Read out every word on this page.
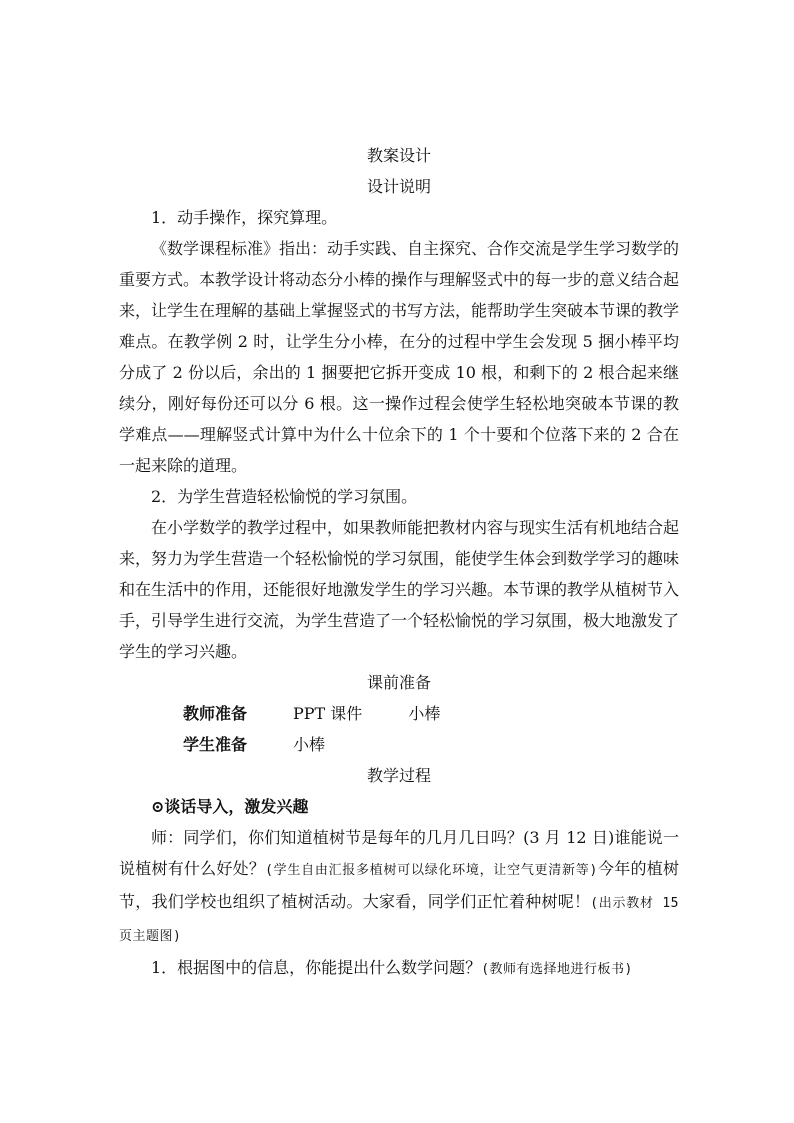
教案设计

设计说明

1．动手操作，探究算理。

《数学课程标准》指出：动手实践、自主探究、合作交流是学生学习数学的重要方式。本教学设计将动态分小棒的操作与理解竖式中的每一步的意义结合起来，让学生在理解的基础上掌握竖式的书写方法，能帮助学生突破本节课的教学难点。在教学例 2 时，让学生分小棒，在分的过程中学生会发现 5 捆小棒平均分成了 2 份以后，余出的 1 捆要把它拆开变成 10 根，和剩下的 2 根合起来继续分，刚好每份还可以分 6 根。这一操作过程会使学生轻松地突破本节课的教学难点——理解竖式计算中为什么十位余下的 1 个十要和个位落下来的 2 合在一起来除的道理。

2．为学生营造轻松愉悦的学习氛围。

在小学数学的教学过程中，如果教师能把教材内容与现实生活有机地结合起来，努力为学生营造一个轻松愉悦的学习氛围，能使学生体会到数学学习的趣味和在生活中的作用，还能很好地激发学生的学习兴趣。本节课的教学从植树节入手，引导学生进行交流，为学生营造了一个轻松愉悦的学习氛围，极大地激发了学生的学习兴趣。

课前准备

教师准备	PPT 课件	小棒

学生准备	小棒

教学过程

⊙谈话导入，激发兴趣

师：同学们，你们知道植树节是每年的几月几日吗？(3 月 12 日)谁能说一说植树有什么好处？(学生自由汇报多植树可以绿化环境，让空气更清新等)今年的植树节，我们学校也组织了植树活动。大家看，同学们正忙着种树呢！(出示教材 15 页主题图)

1．根据图中的信息，你能提出什么数学问题？(教师有选择地进行板书)
